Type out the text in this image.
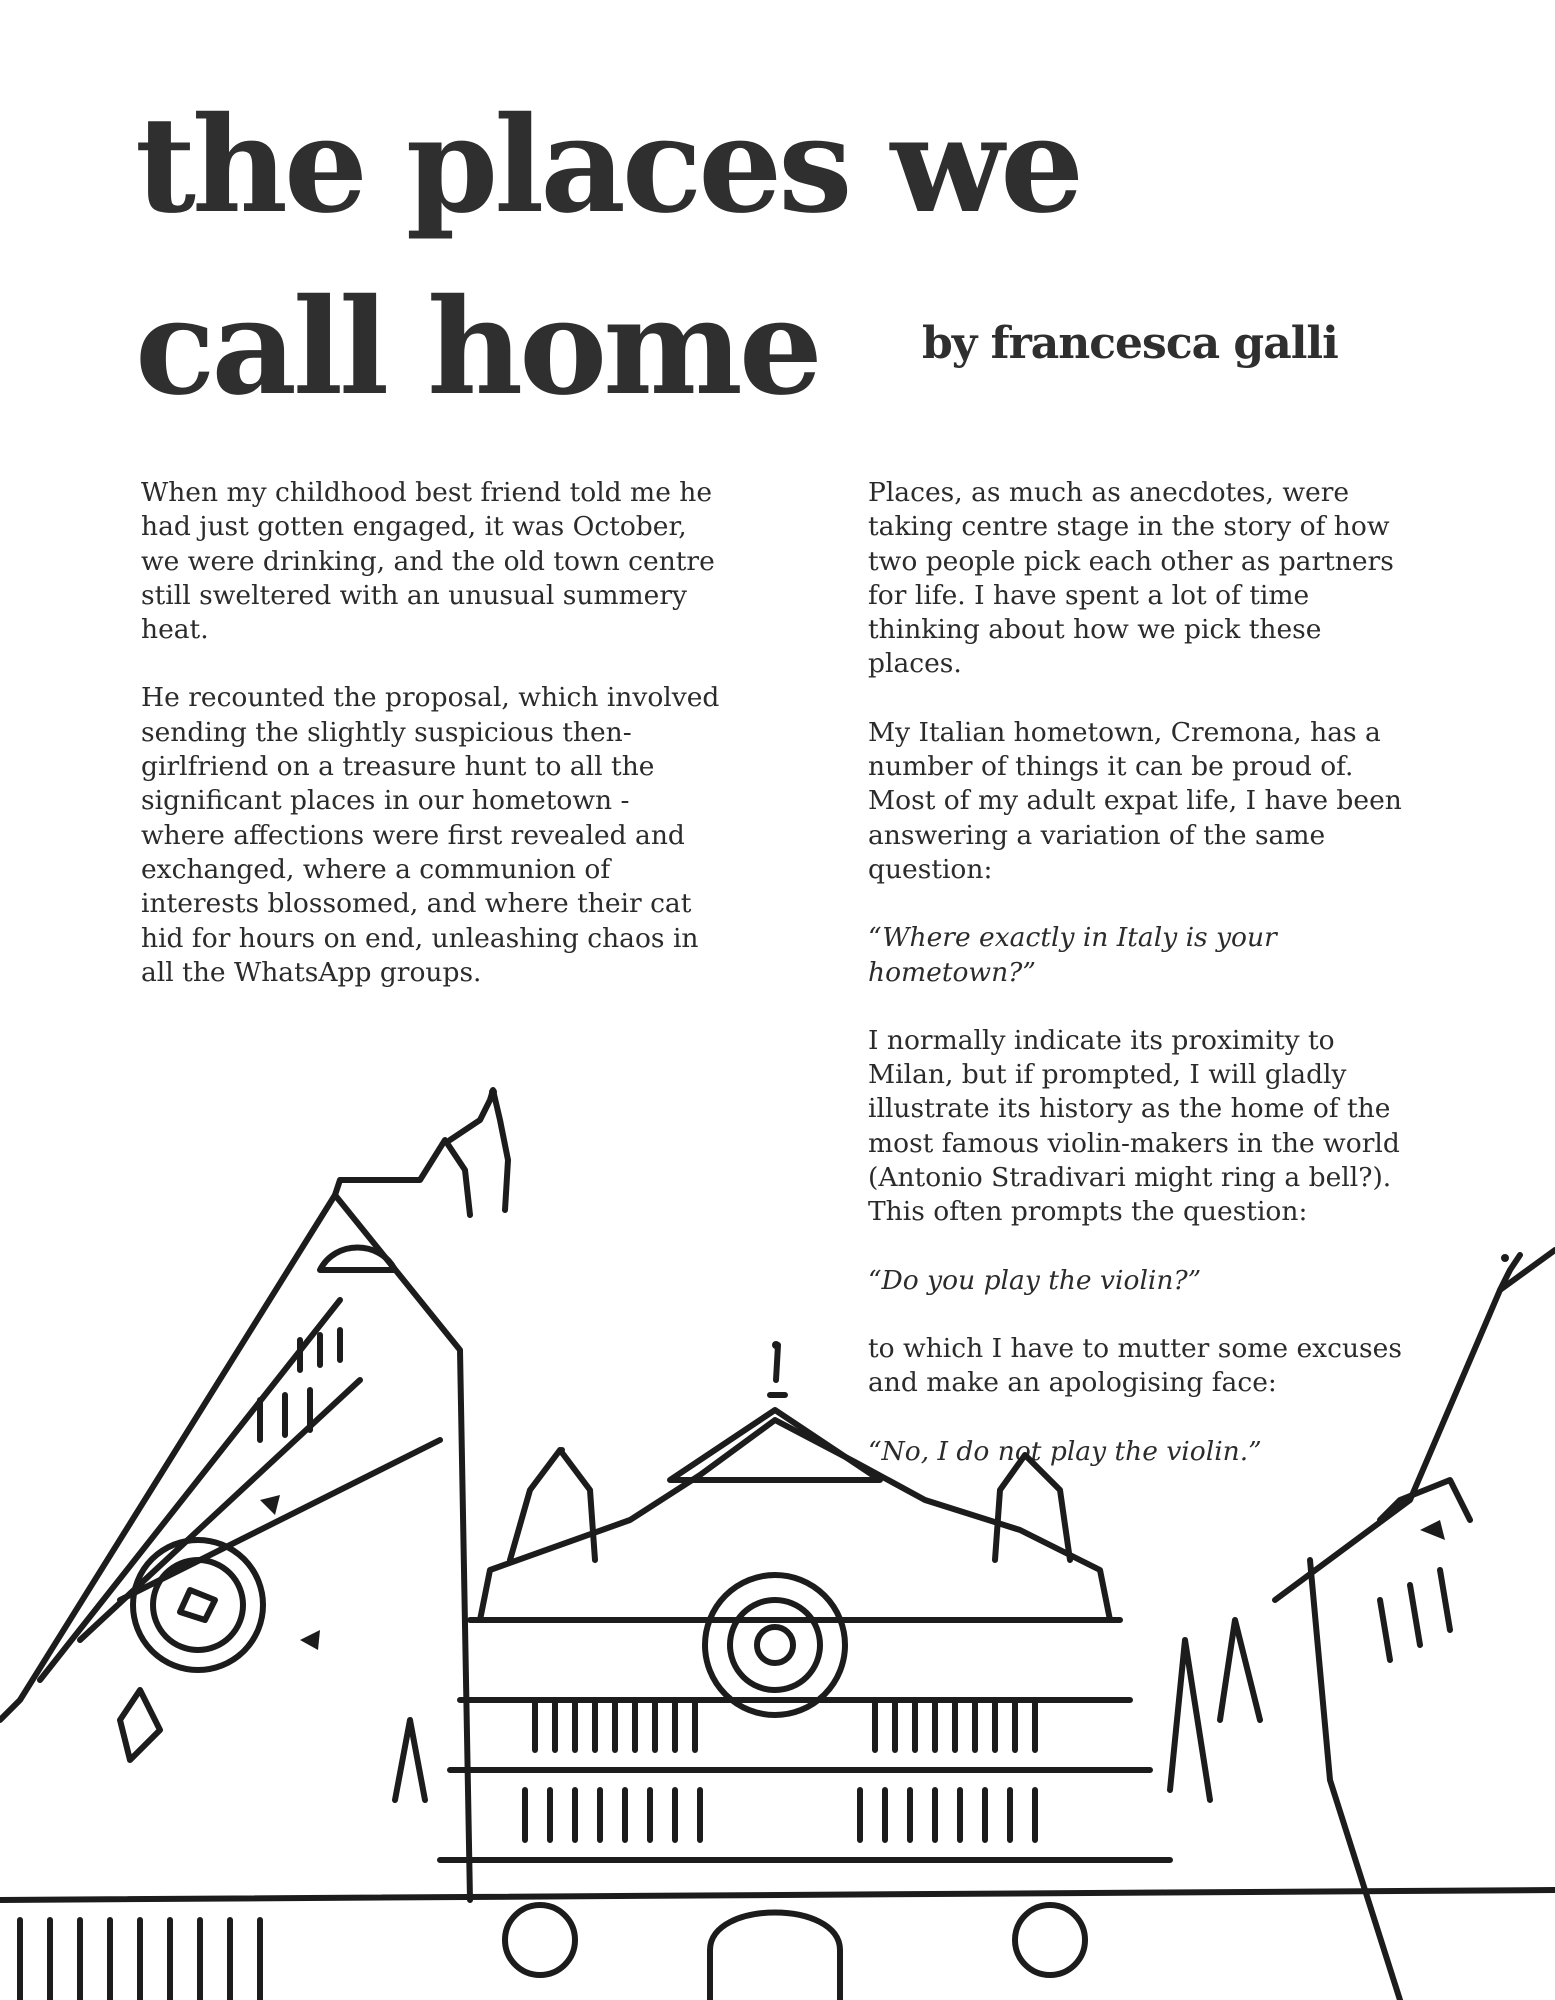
the places we
call home	by francesca galli

When my childhood best friend told me he had just gotten engaged, it was October, we were drinking, and the old town centre still sweltered with an unusual summery heat.

He recounted the proposal, which involved sending the slightly suspicious then-girlfriend on a treasure hunt to all the significant places in our hometown - where affections were first revealed and exchanged, where a communion of interests blossomed, and where their cat hid for hours on end, unleashing chaos in all the WhatsApp groups.

Places, as much as anecdotes, were taking centre stage in the story of how two people pick each other as partners for life. I have spent a lot of time thinking about how we pick these places.

My Italian hometown, Cremona, has a number of things it can be proud of. Most of my adult expat life, I have been answering a variation of the same question:

“Where exactly in Italy is your hometown?”

I normally indicate its proximity to Milan, but if prompted, I will gladly illustrate its history as the home of the most famous violin-makers in the world (Antonio Stradivari might ring a bell?). This often prompts the question:

“Do you play the violin?”

to which I have to mutter some excuses and make an apologising face:

“No, I do not play the violin.”
